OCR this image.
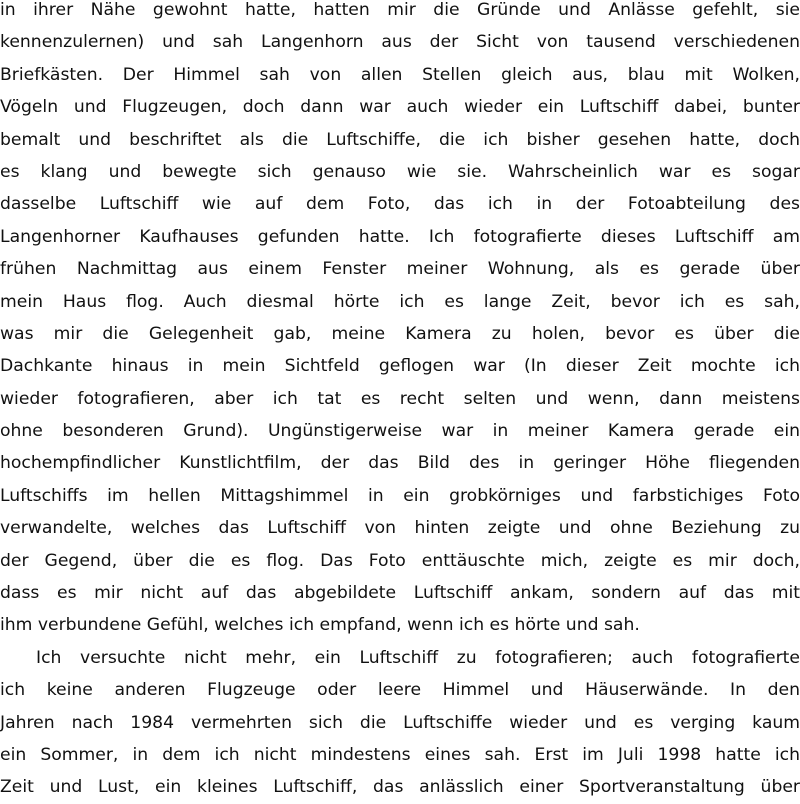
in ihrer Nähe gewohnt hatte, hatten mir die Gründe und Anlässe gefehlt, sie
kennenzulernen) und sah Langenhorn aus der Sicht von tausend verschiedenen
Briefkästen. Der Himmel sah von allen Stellen gleich aus, blau mit Wolken,
Vögeln und Flugzeugen, doch dann war auch wieder ein Luftschiff dabei, bunter
bemalt und beschriftet als die Luftschiffe, die ich bisher gesehen hatte, doch
es klang und bewegte sich genauso wie sie. Wahrscheinlich war es sogar
dasselbe Luftschiff wie auf dem Foto, das ich in der Fotoabteilung des
Langenhorner Kaufhauses gefunden hatte. Ich fotografierte dieses Luftschiff am
frühen Nachmittag aus einem Fenster meiner Wohnung, als es gerade über
mein Haus flog. Auch diesmal hörte ich es lange Zeit, bevor ich es sah,
was mir die Gelegenheit gab, meine Kamera zu holen, bevor es über die
Dachkante hinaus in mein Sichtfeld geflogen war (In dieser Zeit mochte ich
wieder fotografieren, aber ich tat es recht selten und wenn, dann meistens
ohne besonderen Grund). Ungünstigerweise war in meiner Kamera gerade ein
hochempfindlicher Kunstlichtfilm, der das Bild des in geringer Höhe fliegenden
Luftschiffs im hellen Mittagshimmel in ein grobkörniges und farbstichiges Foto
verwandelte, welches das Luftschiff von hinten zeigte und ohne Beziehung zu
der Gegend, über die es flog. Das Foto enttäuschte mich, zeigte es mir doch,
dass es mir nicht auf das abgebildete Luftschiff ankam, sondern auf das mit
ihm verbundene Gefühl, welches ich empfand, wenn ich es hörte und sah.
Ich versuchte nicht mehr, ein Luftschiff zu fotografieren; auch fotografierte
ich keine anderen Flugzeuge oder leere Himmel und Häuserwände. In den
Jahren nach 1984 vermehrten sich die Luftschiffe wieder und es verging kaum
ein Sommer, in dem ich nicht mindestens eines sah. Erst im Juli 1998 hatte ich
Zeit und Lust, ein kleines Luftschiff, das anlässlich einer Sportveranstaltung über
